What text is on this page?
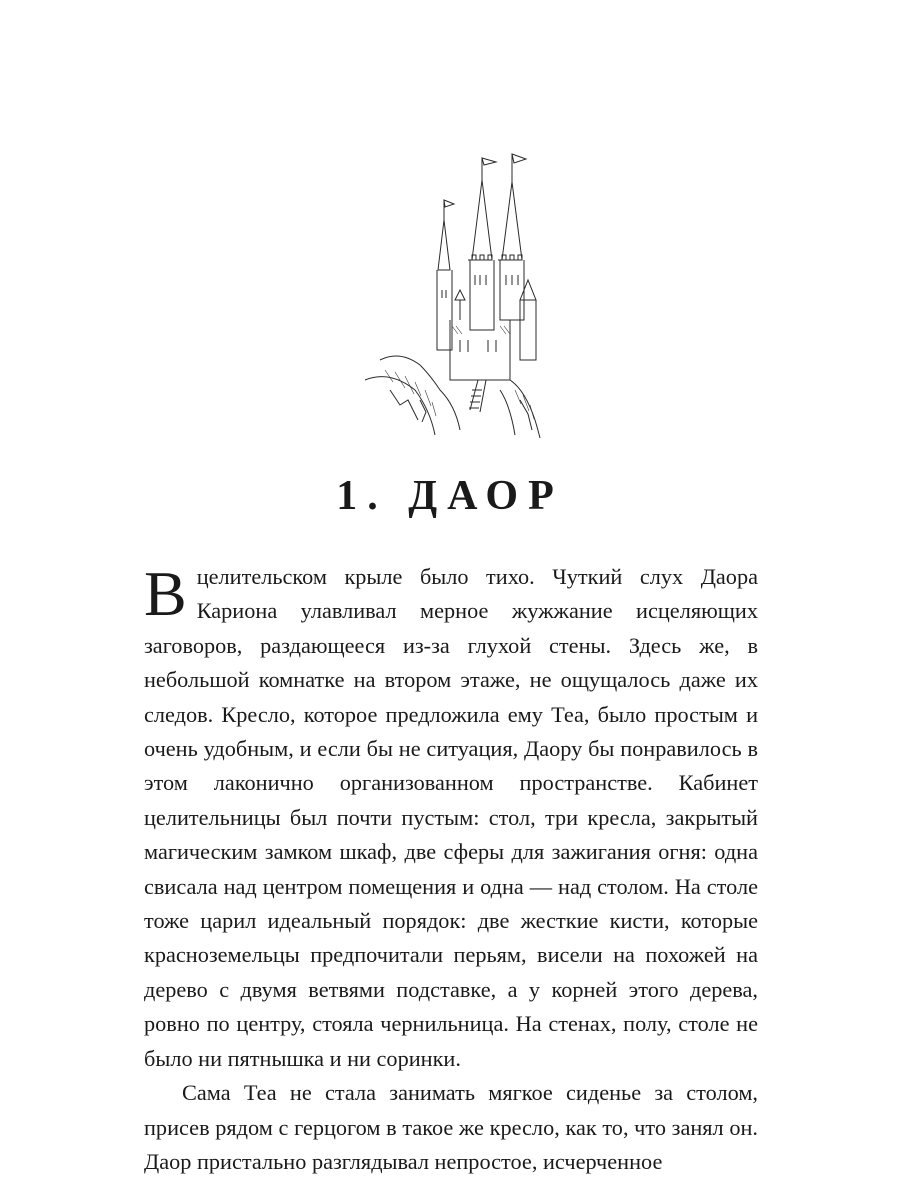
1. ДАОР

В целительском крыле было тихо. Чуткий слух Даора Кариона улавливал мерное жужжание исцеляющих заговоров, раздающееся из-за глухой стены. Здесь же, в небольшой комнатке на втором этаже, не ощущалось даже их следов. Кресло, которое предложила ему Теа, было простым и очень удобным, и если бы не ситуация, Даору бы понравилось в этом лаконично организованном пространстве. Кабинет целительницы был почти пустым: стол, три кресла, закрытый магическим замком шкаф, две сферы для зажигания огня: одна свисала над центром помещения и одна — над столом. На столе тоже царил идеальный порядок: две жесткие кисти, которые красноземельцы предпочитали перьям, висели на похожей на дерево с двумя ветвями подставке, а у корней этого дерева, ровно по центру, стояла чернильница. На стенах, полу, столе не было ни пятнышка и ни соринки.

Сама Теа не стала занимать мягкое сиденье за столом, присев рядом с герцогом в такое же кресло, как то, что занял он. Даор пристально разглядывал непростое, исчерченное
